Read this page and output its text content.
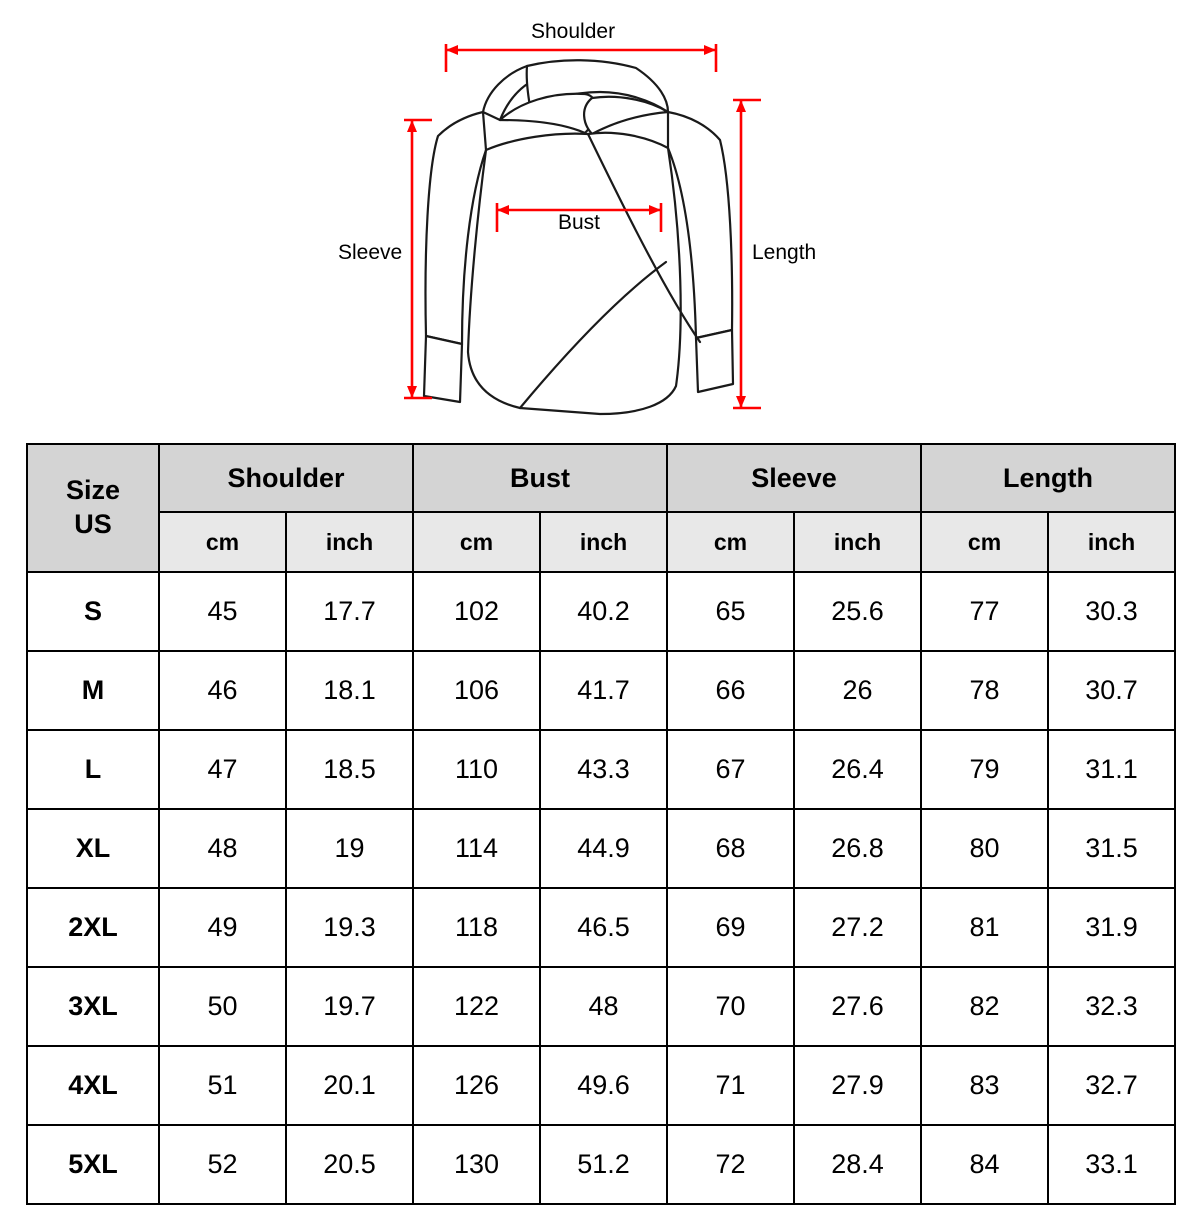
Shoulder
Bust
Sleeve	Length
Size
US	Shoulder		Bust		Sleeve		Length	
	cm	inch	cm	inch	cm	inch	cm	inch
S	45	17.7	102	40.2	65	25.6	77	30.3
M	46	18.1	106	41.7	66	26	78	30.7
L	47	18.5	110	43.3	67	26.4	79	31.1
XL	48	19	114	44.9	68	26.8	80	31.5
2XL	49	19.3	118	46.5	69	27.2	81	31.9
3XL	50	19.7	122	48	70	27.6	82	32.3
4XL	51	20.1	126	49.6	71	27.9	83	32.7
5XL	52	20.5	130	51.2	72	28.4	84	33.1
